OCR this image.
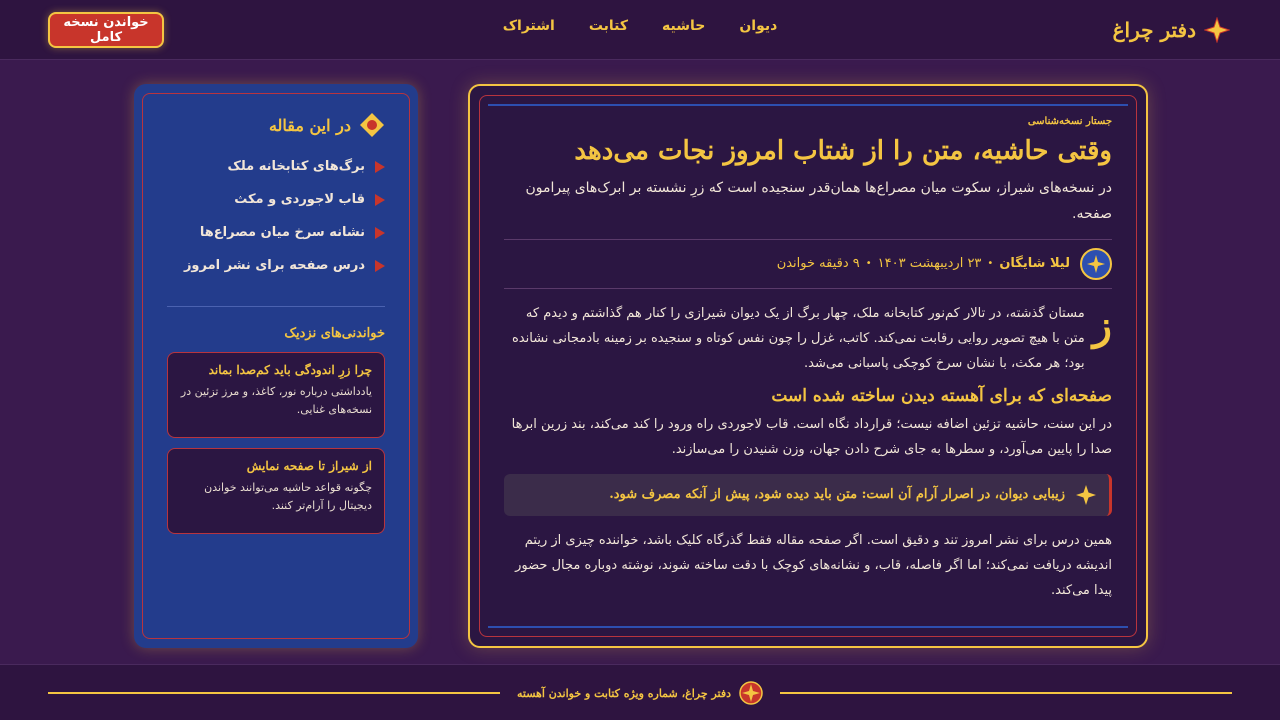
دفتر چراغ
دیوان
حاشیه
کتابت
اشتراک
خواندن نسخه کامل
جستار نسخه‌شناسی
وقتی حاشیه، متن را از شتاب امروز نجات می‌دهد

در نسخه‌های شیراز، سکوت میان مصراع‌ها همان‌قدر سنجیده است که زرِ نشسته بر ابرک‌های پیرامون صفحه.

لیلا شایگان
•
۲۳ اردیبهشت ۱۴۰۳
•
۹ دقیقه خواندن
ز

مستان گذشته، در تالار کم‌نور کتابخانه ملک، چهار برگ از یک دیوان شیرازی را کنار هم گذاشتم و دیدم که متن با هیچ تصویر روایی رقابت نمی‌کند. کاتب، غزل را چون نفس کوتاه و سنجیده بر زمینه بادمجانی نشانده بود؛ هر مکث، با نشان سرخ کوچکی پاسبانی می‌شد.

صفحه‌ای که برای آهسته دیدن ساخته شده است

در این سنت، حاشیه تزئین اضافه نیست؛ قرارداد نگاه است. قاب لاجوردی راه ورود را کند می‌کند، بند زرین ابرها صدا را پایین می‌آورد، و سطرها به جای شرح دادن جهان، وزن شنیدن را می‌سازند.

زیبایی دیوان، در اصرار آرام آن است: متن باید دیده شود، پیش از آنکه مصرف شود.

همین درس برای نشر امروز تند و دقیق است. اگر صفحه مقاله فقط گذرگاه کلیک باشد، خواننده چیزی از ریتم اندیشه دریافت نمی‌کند؛ اما اگر فاصله، قاب، و نشانه‌های کوچک با دقت ساخته شوند، نوشته دوباره مجال حضور پیدا می‌کند.

در این مقاله
برگ‌های کتابخانه ملک
قاب لاجوردی و مکث
نشانه سرخ میان مصراع‌ها
درس صفحه برای نشر امروز
خواندنی‌های نزدیک
چرا زرِ اندودگی باید کم‌صدا بماند
یادداشتی درباره نور، کاغذ، و مرز تزئین در نسخه‌های غنایی.
از شیراز تا صفحه نمایش
چگونه قواعد حاشیه می‌توانند خواندن دیجیتال را آرام‌تر کنند.
دفتر چراغ، شماره ویژه کتابت و خواندن آهسته
